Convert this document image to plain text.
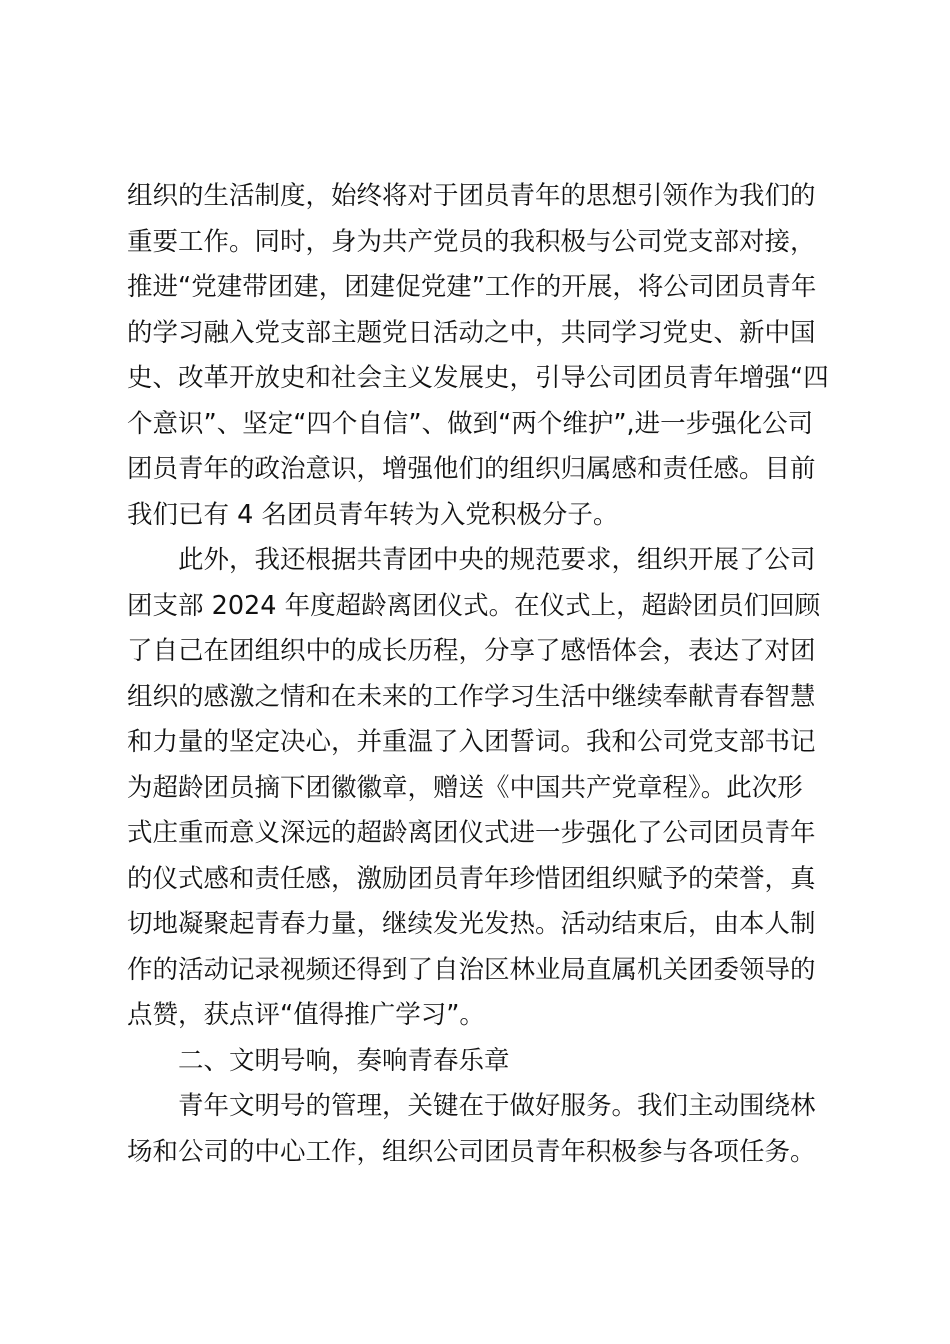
组织的生活制度，始终将对于团员青年的思想引领作为我们的
重要工作。同时，身为共产党员的我积极与公司党支部对接，
推进“党建带团建，团建促党建”工作的开展，将公司团员青年
的学习融入党支部主题党日活动之中，共同学习党史、新中国
史、改革开放史和社会主义发展史，引导公司团员青年增强“四
个意识”、坚定“四个自信”、做到“两个维护”,进一步强化公司
团员青年的政治意识，增强他们的组织归属感和责任感。目前
我们已有 4 名团员青年转为入党积极分子。
此外，我还根据共青团中央的规范要求，组织开展了公司
团支部 2024 年度超龄离团仪式。在仪式上，超龄团员们回顾
了自己在团组织中的成长历程，分享了感悟体会，表达了对团
组织的感激之情和在未来的工作学习生活中继续奉献青春智慧
和力量的坚定决心，并重温了入团誓词。我和公司党支部书记
为超龄团员摘下团徽徽章，赠送《中国共产党章程》。此次形
式庄重而意义深远的超龄离团仪式进一步强化了公司团员青年
的仪式感和责任感，激励团员青年珍惜团组织赋予的荣誉，真
切地凝聚起青春力量，继续发光发热。活动结束后，由本人制
作的活动记录视频还得到了自治区林业局直属机关团委领导的
点赞，获点评“值得推广学习”。
二、文明号响，奏响青春乐章
青年文明号的管理，关键在于做好服务。我们主动围绕林
场和公司的中心工作，组织公司团员青年积极参与各项任务。
